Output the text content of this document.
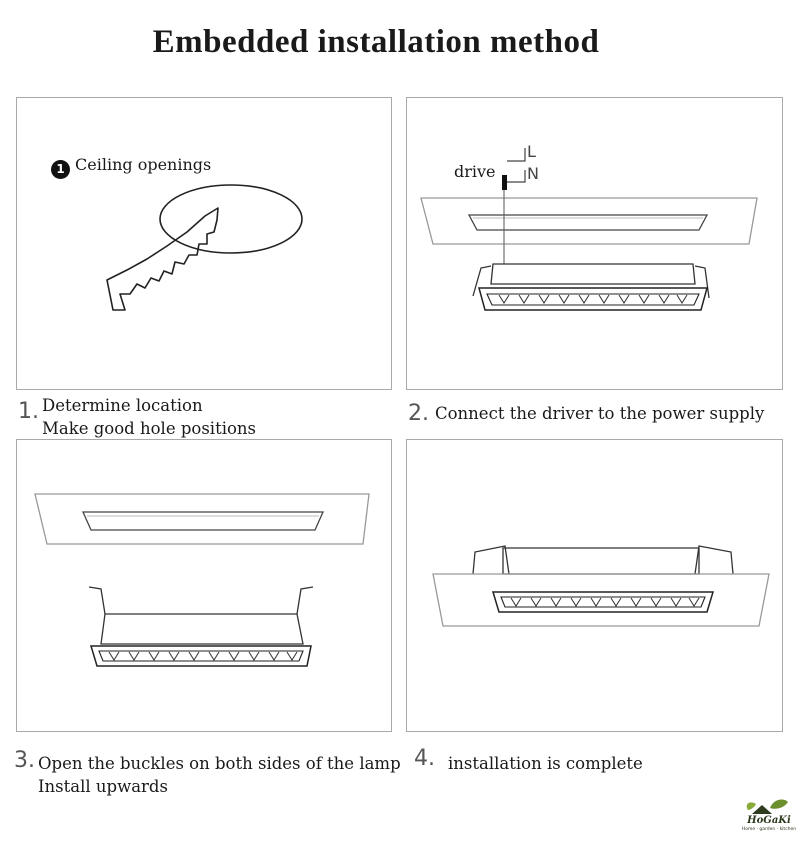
Embedded installation method
1 Ceiling openings	drive
L
N
1. Determine location
Make good hole positions
2. Connect the driver to the power supply
3. Open the buckles on both sides of the lamp
Install upwards
4. installation is complete
HoGaKi
Home · garden · kitchen
